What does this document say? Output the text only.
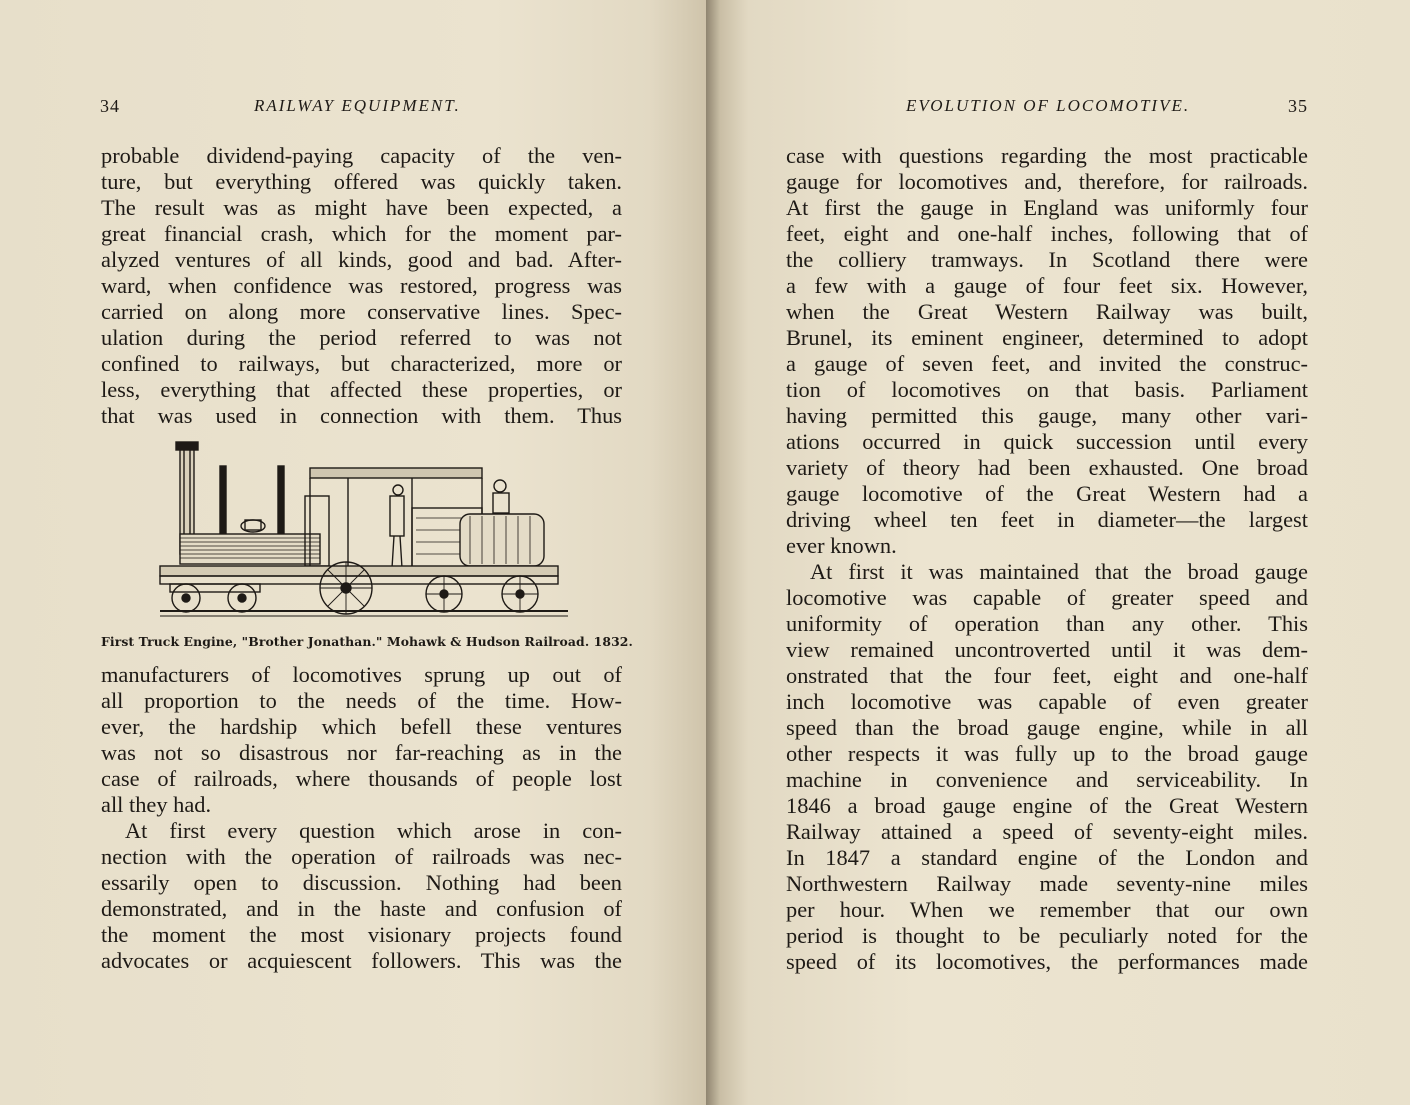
34	RAILWAY EQUIPMENT.
probable dividend-paying capacity of the ven-
ture, but everything offered was quickly taken.
The result was as might have been expected, a
great financial crash, which for the moment par-
alyzed ventures of all kinds, good and bad. After-
ward, when confidence was restored, progress was
carried on along more conservative lines. Spec-
ulation during the period referred to was not
confined to railways, but characterized, more or
less, everything that affected these properties, or
that was used in connection with them. Thus
First Truck Engine, "Brother Jonathan." Mohawk & Hudson Railroad. 1832.
manufacturers of locomotives sprung up out of
all proportion to the needs of the time. How-
ever, the hardship which befell these ventures
was not so disastrous nor far-reaching as in the
case of railroads, where thousands of people lost
all they had.
At first every question which arose in con-
nection with the operation of railroads was nec-
essarily open to discussion. Nothing had been
demonstrated, and in the haste and confusion of
the moment the most visionary projects found
advocates or acquiescent followers. This was the
EVOLUTION OF LOCOMOTIVE.	35
case with questions regarding the most practicable
gauge for locomotives and, therefore, for railroads.
At first the gauge in England was uniformly four
feet, eight and one-half inches, following that of
the colliery tramways. In Scotland there were
a few with a gauge of four feet six. However,
when the Great Western Railway was built,
Brunel, its eminent engineer, determined to adopt
a gauge of seven feet, and invited the construc-
tion of locomotives on that basis. Parliament
having permitted this gauge, many other vari-
ations occurred in quick succession until every
variety of theory had been exhausted. One broad
gauge locomotive of the Great Western had a
driving wheel ten feet in diameter—the largest
ever known.
At first it was maintained that the broad gauge
locomotive was capable of greater speed and
uniformity of operation than any other. This
view remained uncontroverted until it was dem-
onstrated that the four feet, eight and one-half
inch locomotive was capable of even greater
speed than the broad gauge engine, while in all
other respects it was fully up to the broad gauge
machine in convenience and serviceability. In
1846 a broad gauge engine of the Great Western
Railway attained a speed of seventy-eight miles.
In 1847 a standard engine of the London and
Northwestern Railway made seventy-nine miles
per hour. When we remember that our own
period is thought to be peculiarly noted for the
speed of its locomotives, the performances made
